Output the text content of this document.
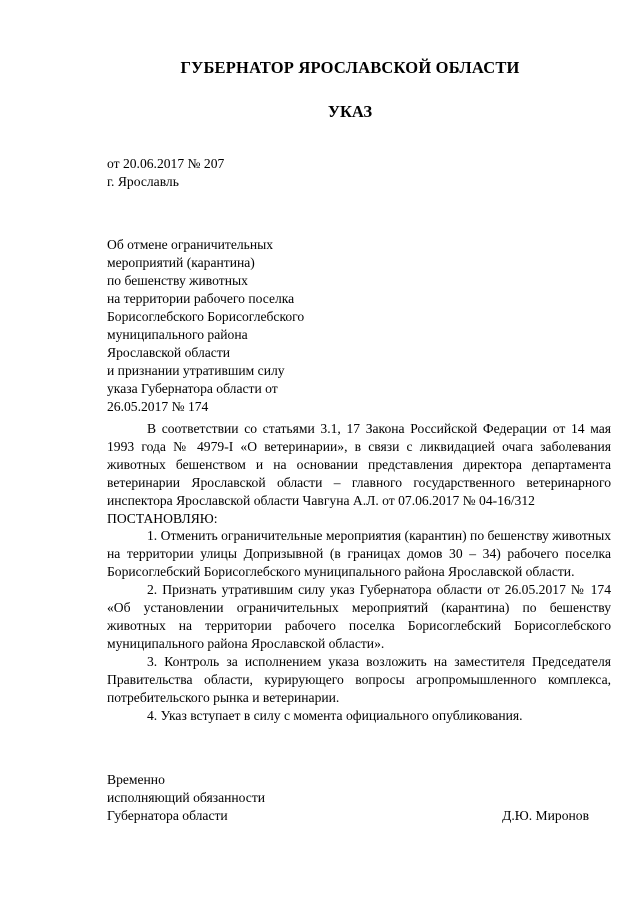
ГУБЕРНАТОР ЯРОСЛАВСКОЙ ОБЛАСТИ
УКАЗ
от 20.06.2017 № 207
г. Ярославль
Об отмене ограничительных
мероприятий (карантина)
по бешенству животных
на территории рабочего поселка
Борисоглебского Борисоглебского
муниципального района
Ярославской области
и признании утратившим силу
указа Губернатора области от
26.05.2017 № 174

В соответствии со статьями 3.1, 17 Закона Российской Федерации от 14 мая 1993 года № 4979-I «О ветеринарии», в связи с ликвидацией очага заболевания животных бешенством и на основании представления директора департамента ветеринарии Ярославской области – главного государственного ветеринарного инспектора Ярославской области Чавгуна А.Л. от 07.06.2017 № 04-16/312

ПОСТАНОВЛЯЮ:

1. Отменить ограничительные мероприятия (карантин) по бешенству животных на территории улицы Допризывной (в границах домов 30 – 34) рабочего поселка Борисоглебский Борисоглебского муниципального района Ярославской области.

2. Признать утратившим силу указ Губернатора области от 26.05.2017 № 174 «Об установлении ограничительных мероприятий (карантина) по бешенству животных на территории рабочего поселка Борисоглебский Борисоглебского муниципального района Ярославской области».

3. Контроль за исполнением указа возложить на заместителя Председателя Правительства области, курирующего вопросы агропромышленного комплекса, потребительского рынка и ветеринарии.

4. Указ вступает в силу с момента официального опубликования.

Временно
исполняющий обязанности
Губернатора области	Д.Ю. Миронов
